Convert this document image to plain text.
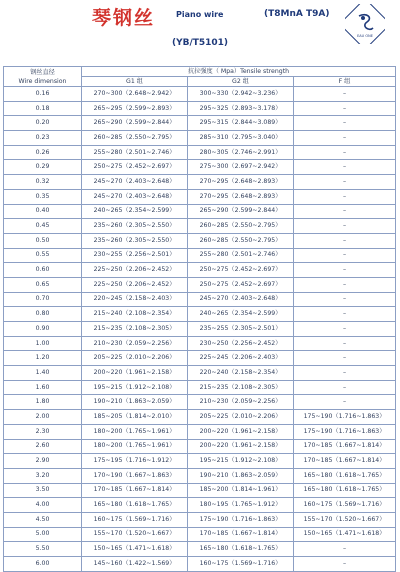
琴钢丝	Piano wire	(T8MnA T9A)
EAU ONE
(YB/T5101)
钢丝直径
Wire dimension	抗拉强度（ Mpa）Tensile strength		
	G1 组	G2 组	F 组
0.16	270~300（2.648~2.942）	300~330（2.942~3.236）	–
0.18	265~295（2.599~2.893）	295~325（2.893~3.178）	–
0.20	265~290（2.599~2.844）	295~315（2.844~3.089）	–
0.23	260~285（2.550~2.795）	285~310（2.795~3.040）	–
0.26	255~280（2.501~2.746）	280~305（2.746~2.991）	–
0.29	250~275（2.452~2.697）	275~300（2.697~2.942）	–
0.32	245~270（2.403~2.648）	270~295（2.648~2.893）	–
0.35	245~270（2.403~2.648）	270~295（2.648~2.893）	–
0.40	240~265（2.354~2.599）	265~290（2.599~2.844）	–
0.45	235~260（2.305~2.550）	260~285（2.550~2.795）	–
0.50	235~260（2.305~2.550）	260~285（2.550~2.795）	–
0.55	230~255（2.256~2.501）	255~280（2.501~2.746）	–
0.60	225~250（2.206~2.452）	250~275（2.452~2.697）	–
0.65	225~250（2.206~2.452）	250~275（2.452~2.697）	–
0.70	220~245（2.158~2.403）	245~270（2.403~2.648）	–
0.80	215~240（2.108~2.354）	240~265（2.354~2.599）	–
0.90	215~235（2.108~2.305）	235~255（2.305~2.501）	–
1.00	210~230（2.059~2.256）	230~250（2.256~2.452）	–
1.20	205~225（2.010~2.206）	225~245（2.206~2.403）	–
1.40	200~220（1.961~2.158）	220~240（2.158~2.354）	–
1.60	195~215（1.912~2.108）	215~235（2.108~2.305）	–
1.80	190~210（1.863~2.059）	210~230（2.059~2.256）	–
2.00	185~205（1.814~2.010）	205~225（2.010~2.206）	175~190（1.716~1.863）
2.30	180~200（1.765~1.961）	200~220（1.961~2.158）	175~190（1.716~1.863）
2.60	180~200（1.765~1.961）	200~220（1.961~2.158）	170~185（1.667~1.814）
2.90	175~195（1.716~1.912）	195~215（1.912~2.108）	170~185（1.667~1.814）
3.20	170~190（1.667~1.863）	190~210（1.863~2.059）	165~180（1.618~1.765）
3.50	170~185（1.667~1.814）	185~200（1.814~1.961）	165~180（1.618~1.765）
4.00	165~180（1.618~1.765）	180~195（1.765~1.912）	160~175（1.569~1.716）
4.50	160~175（1.569~1.716）	175~190（1.716~1.863）	155~170（1.520~1.667）
5.00	155~170（1.520~1.667）	170~185（1.667~1.814）	150~165（1.471~1.618）
5.50	150~165（1.471~1.618）	165~180（1.618~1.765）	–
6.00	145~160（1.422~1.569）	160~175（1.569~1.716）	–
